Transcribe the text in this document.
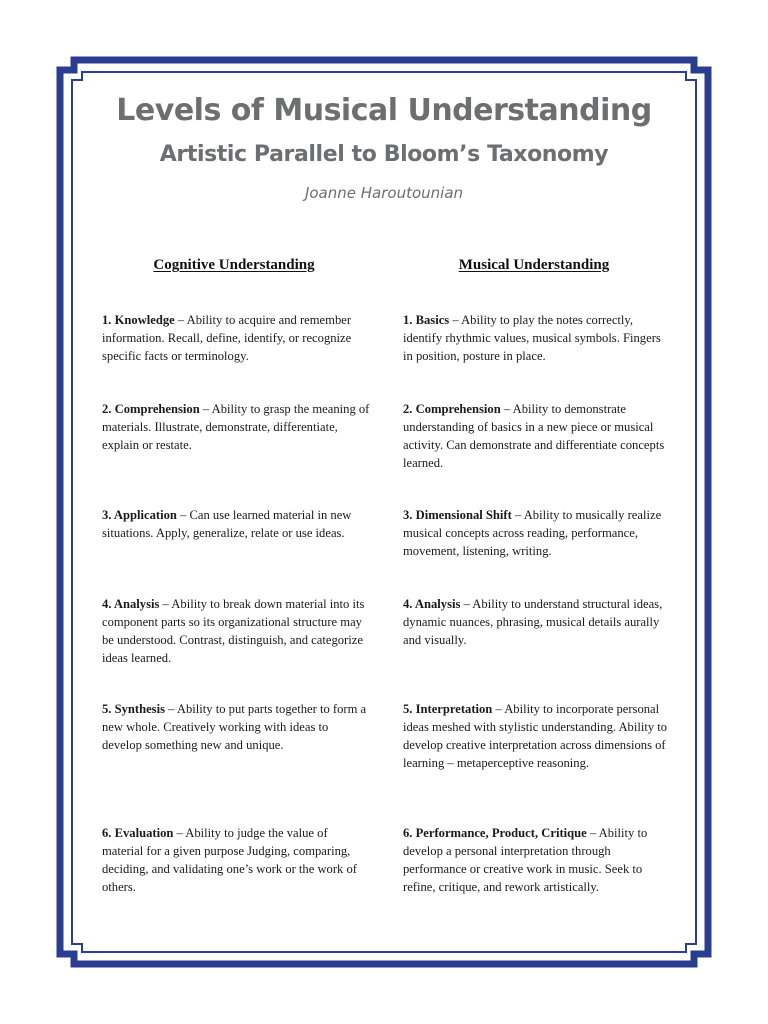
Levels of Musical Understanding
Artistic Parallel to Bloom’s Taxonomy

Joanne Haroutounian

Cognitive Understanding	Musical Understanding

1. Knowledge – Ability to acquire and remember information. Recall, define, identify, or recognize specific facts or terminology.

2. Comprehension – Ability to grasp the meaning of materials. Illustrate, demonstrate, differentiate, explain or restate.

3. Application – Can use learned material in new situations. Apply, generalize, relate or use ideas.

4. Analysis – Ability to break down material into its component parts so its organizational structure may be understood. Contrast, distinguish, and categorize ideas learned.

5. Synthesis – Ability to put parts together to form a new whole. Creatively working with ideas to develop something new and unique.

6. Evaluation – Ability to judge the value of material for a given purpose Judging, comparing, deciding, and validating one’s work or the work of others.

1. Basics – Ability to play the notes correctly, identify rhythmic values, musical symbols. Fingers in position, posture in place.

2. Comprehension – Ability to demonstrate understanding of basics in a new piece or musical activity. Can demonstrate and differentiate concepts learned.

3. Dimensional Shift – Ability to musically realize musical concepts across reading, performance, movement, listening, writing.

4. Analysis – Ability to understand structural ideas, dynamic nuances, phrasing, musical details aurally and visually.

5. Interpretation – Ability to incorporate personal ideas meshed with stylistic understanding. Ability to develop creative interpretation across dimensions of learning – metaperceptive reasoning.

6. Performance, Product, Critique – Ability to develop a personal interpretation through performance or creative work in music. Seek to refine, critique, and rework artistically.
